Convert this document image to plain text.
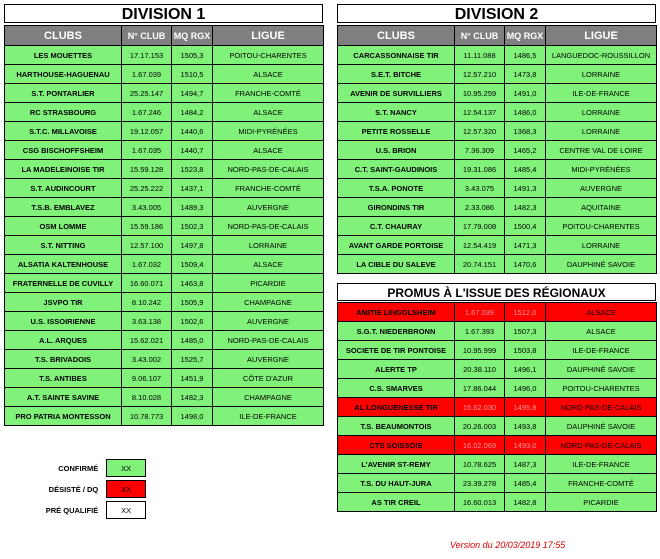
DIVISION 1
CLUBS	N° CLUB	MQ RGX	LIGUE
LES MOUETTES	17.17.153	1505,3	POITOU-CHARENTES
HARTHOUSE-HAGUENAU	1.67.039	1510,5	ALSACE
S.T. PONTARLIER	25.25.147	1494,7	FRANCHE-COMTÉ
RC STRASBOURG	1.67.246	1484,2	ALSACE
S.T.C. MILLAVOISE	19.12.057	1440,6	MIDI-PYRÉNÉES
CSG BISCHOFFSHEIM	1.67.035	1440,7	ALSACE
LA MADELEINOISE TIR	15.59.128	1523,8	NORD-PAS-DE-CALAIS
S.T. AUDINCOURT	25.25.222	1437,1	FRANCHE-COMTÉ
T.S.B. EMBLAVEZ	3.43.005	1489,3	AUVERGNE
OSM LOMME	15.59.186	1502,3	NORD-PAS-DE-CALAIS
S.T. NITTING	12.57.100	1497,8	LORRAINE
ALSATIA KALTENHOUSE	1.67.032	1509,4	ALSACE
FRATERNELLE DE CUVILLY	16.60.071	1463,8	PICARDIE
JSVPO TIR	8.10.242	1505,9	CHAMPAGNE
U.S. ISSOIRIENNE	3.63.138	1502,6	AUVERGNE
A.L. ARQUES	15.62.021	1485,0	NORD-PAS-DE-CALAIS
T.S. BRIVADOIS	3.43.002	1525,7	AUVERGNE
T.S. ANTIBES	9.06.107	1451,9	CÔTE D'AZUR
A.T. SAINTE SAVINE	8.10.028	1482,3	CHAMPAGNE
PRO PATRIA MONTESSON	10.78.773	1498,0	ILE-DE-FRANCE
DIVISION 2
CLUBS	N° CLUB	MQ RGX	LIGUE
CARCASSONNAISE TIR	11.11.088	1486,5	LANGUEDOC-ROUSSILLON
S.E.T. BITCHE	12.57.210	1473,8	LORRAINE
AVENIR DE SURVILLIERS	10.95.259	1491,0	ILE-DE-FRANCE
S.T. NANCY	12.54.137	1486,0	LORRAINE
PETITE ROSSELLE	12.57.320	1368,3	LORRAINE
U.S. BRION	7.36.309	1465,2	CENTRE VAL DE LOIRE
C.T. SAINT-GAUDINOIS	19.31.086	1485,4	MIDI-PYRÉNÉES
T.S.A. PONOTE	3.43.075	1491,3	AUVERGNE
GIRONDINS TIR	2.33.086	1482,3	AQUITAINE
C.T. CHAURAY	17.79.008	1500,4	POITOU-CHARENTES
AVANT GARDE PORTOISE	12.54.419	1471,3	LORRAINE
LA CIBLE DU SALEVE	20.74.151	1470,6	DAUPHINÉ SAVOIE
PROMUS À L'ISSUE DES RÉGIONAUX
AMITIE LINGOLSHEIM	1.67.039	1512,0	ALSACE
S.G.T. NIEDERBRONN	1.67.393	1507,3	ALSACE
SOCIETE DE TIR PONTOISE	10.95.999	1503,8	ILE-DE-FRANCE
ALERTE TP	20.38.110	1496,1	DAUPHINÉ SAVOIE
C.S. SMARVES	17.86.044	1496,0	POITOU-CHARENTES
AL LONGUENESSE TIR	15.62.030	1495,8	NORD-PAS-DE-CALAIS
T.S. BEAUMONTOIS	20.26.003	1493,8	DAUPHINÉ SAVOIE
CTS SOISSOIS	16.02.069	1493,0	NORD-PAS-DE-CALAIS
L'AVENIR ST-REMY	10.78.625	1487,3	ILE-DE-FRANCE
T.S. DU HAUT-JURA	23.39.278	1485,4	FRANCHE-COMTÉ
AS TIR CREIL	16.60.013	1482,8	PICARDIE
CONFIRMÉ	XX
DÉSISTÉ / DQ	XX
PRÉ QUALIFIÉ	XX
Version du 20/03/2019 17:55
